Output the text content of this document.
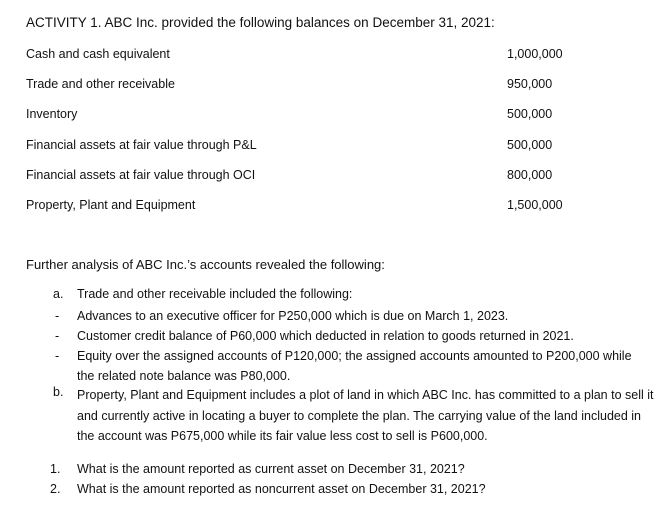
ACTIVITY 1. ABC Inc. provided the following balances on December 31, 2021:
Cash and cash equivalent	1,000,000
Trade and other receivable	950,000
Inventory	500,000
Financial assets at fair value through P&L	500,000
Financial assets at fair value through OCI	800,000
Property, Plant and Equipment	1,500,000
Further analysis of ABC Inc.’s accounts revealed the following:
a. Trade and other receivable included the following:
- Advances to an executive officer for P250,000 which is due on March 1, 2023.
- Customer credit balance of P60,000 which deducted in relation to goods returned in 2021.
- Equity over the assigned accounts of P120,000; the assigned accounts amounted to P200,000 while the related note balance was P80,000.
b. Property, Plant and Equipment includes a plot of land in which ABC Inc. has committed to a plan to sell it and currently active in locating a buyer to complete the plan. The carrying value of the land included in the account was P675,000 while its fair value less cost to sell is P600,000.
1. What is the amount reported as current asset on December 31, 2021?
2. What is the amount reported as noncurrent asset on December 31, 2021?
